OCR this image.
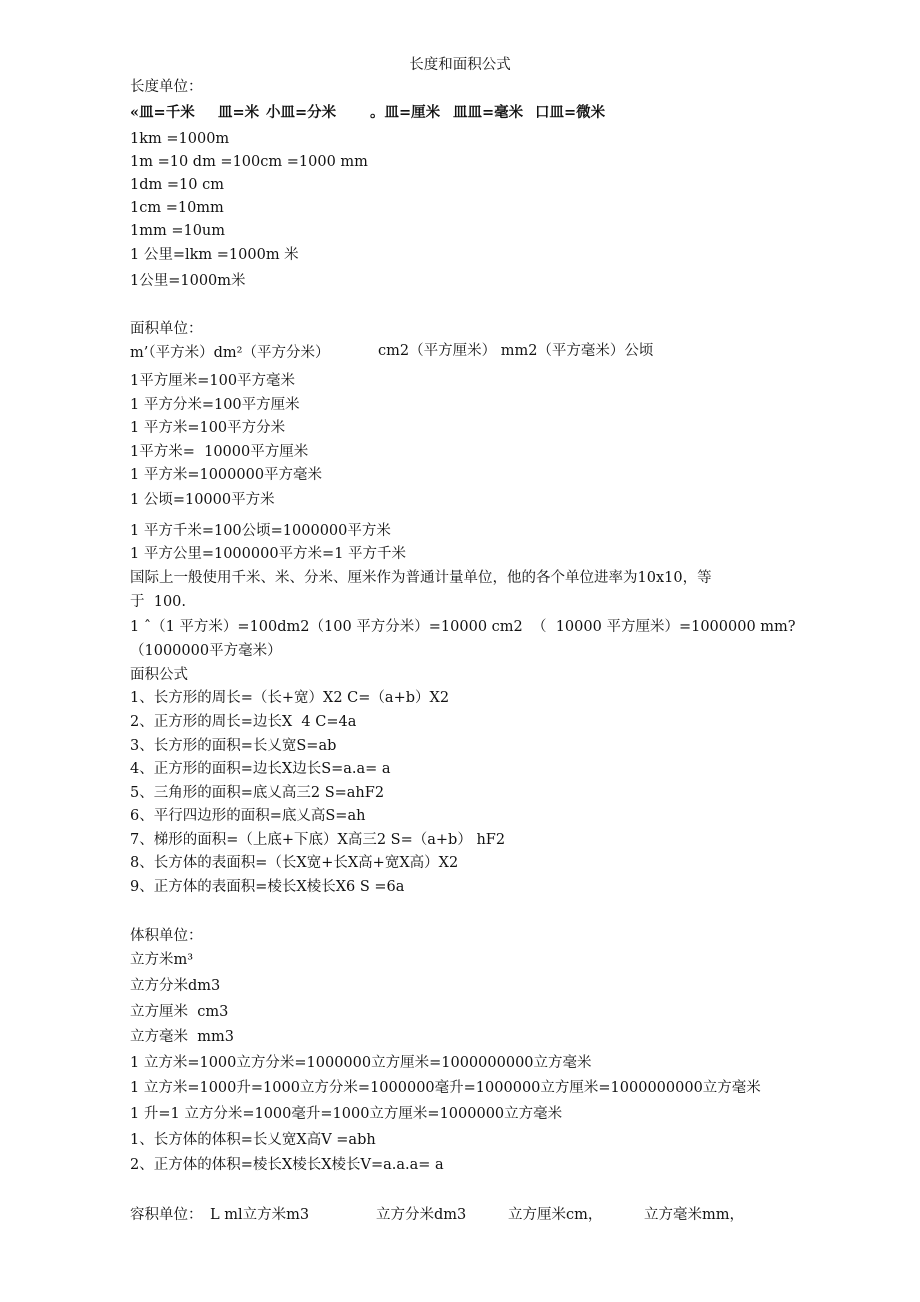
长度和面积公式
长度单位：
«皿=千米 皿=米 小皿=分米 。皿=厘米 皿皿=毫米 口皿=微米
1km =1000m
1m =10 dm =100cm =1000 mm
1dm =10 cm
1cm =10mm
1mm =10um
1 公里=lkm =1000m 米
1公里=1000m米
面积单位：
m’（平方米）dm²（平方分米）	cm2（平方厘米） mm2（平方毫米）公顷
1平方厘米=100平方毫米
1 平方分米=100平方厘米
1 平方米=100平方分米
1平方米=  10000平方厘米
1 平方米=1000000平方毫米
1 公顷=10000平方米
1 平方千米=100公顷=1000000平方米
1 平方公里=1000000平方米=1 平方千米
国际上一般使用千米、米、分米、厘米作为普通计量单位，他的各个单位进率为10x10，等
于  100.
1 ˆ（1 平方米）=100dm2（100 平方分米）=10000 cm2  （  10000 平方厘米）=1000000 mm?
（1000000平方毫米）
面积公式
1、长方形的周长=（长+宽）X2 C=（a+b）X2
2、正方形的周长=边长X  4 C=4a
3、长方形的面积=长乂宽S=ab
4、正方形的面积=边长X边长S=a.a= a
5、三角形的面积=底乂高三2 S=ahF2
6、平行四边形的面积=底乂高S=ah
7、梯形的面积=（上底+下底）X高三2 S=（a+b） hF2
8、长方体的表面积=（长X宽+长X高+宽X高）X2
9、正方体的表面积=棱长X棱长X6 S =6a
体积单位：
立方米m³
立方分米dm3
立方厘米  cm3
立方毫米  mm3
1 立方米=1000立方分米=1000000立方厘米=1000000000立方毫米
1 立方米=1000升=1000立方分米=1000000毫升=1000000立方厘米=1000000000立方毫米
1 升=1 立方分米=1000毫升=1000立方厘米=1000000立方毫米
1、长方体的体积=长乂宽X高V =abh
2、正方体的体积=棱长X棱长X棱长V=a.a.a= a
容积单位： L ml立方米m3	立方分米dm3	立方厘米cm，	立方毫米mm，
